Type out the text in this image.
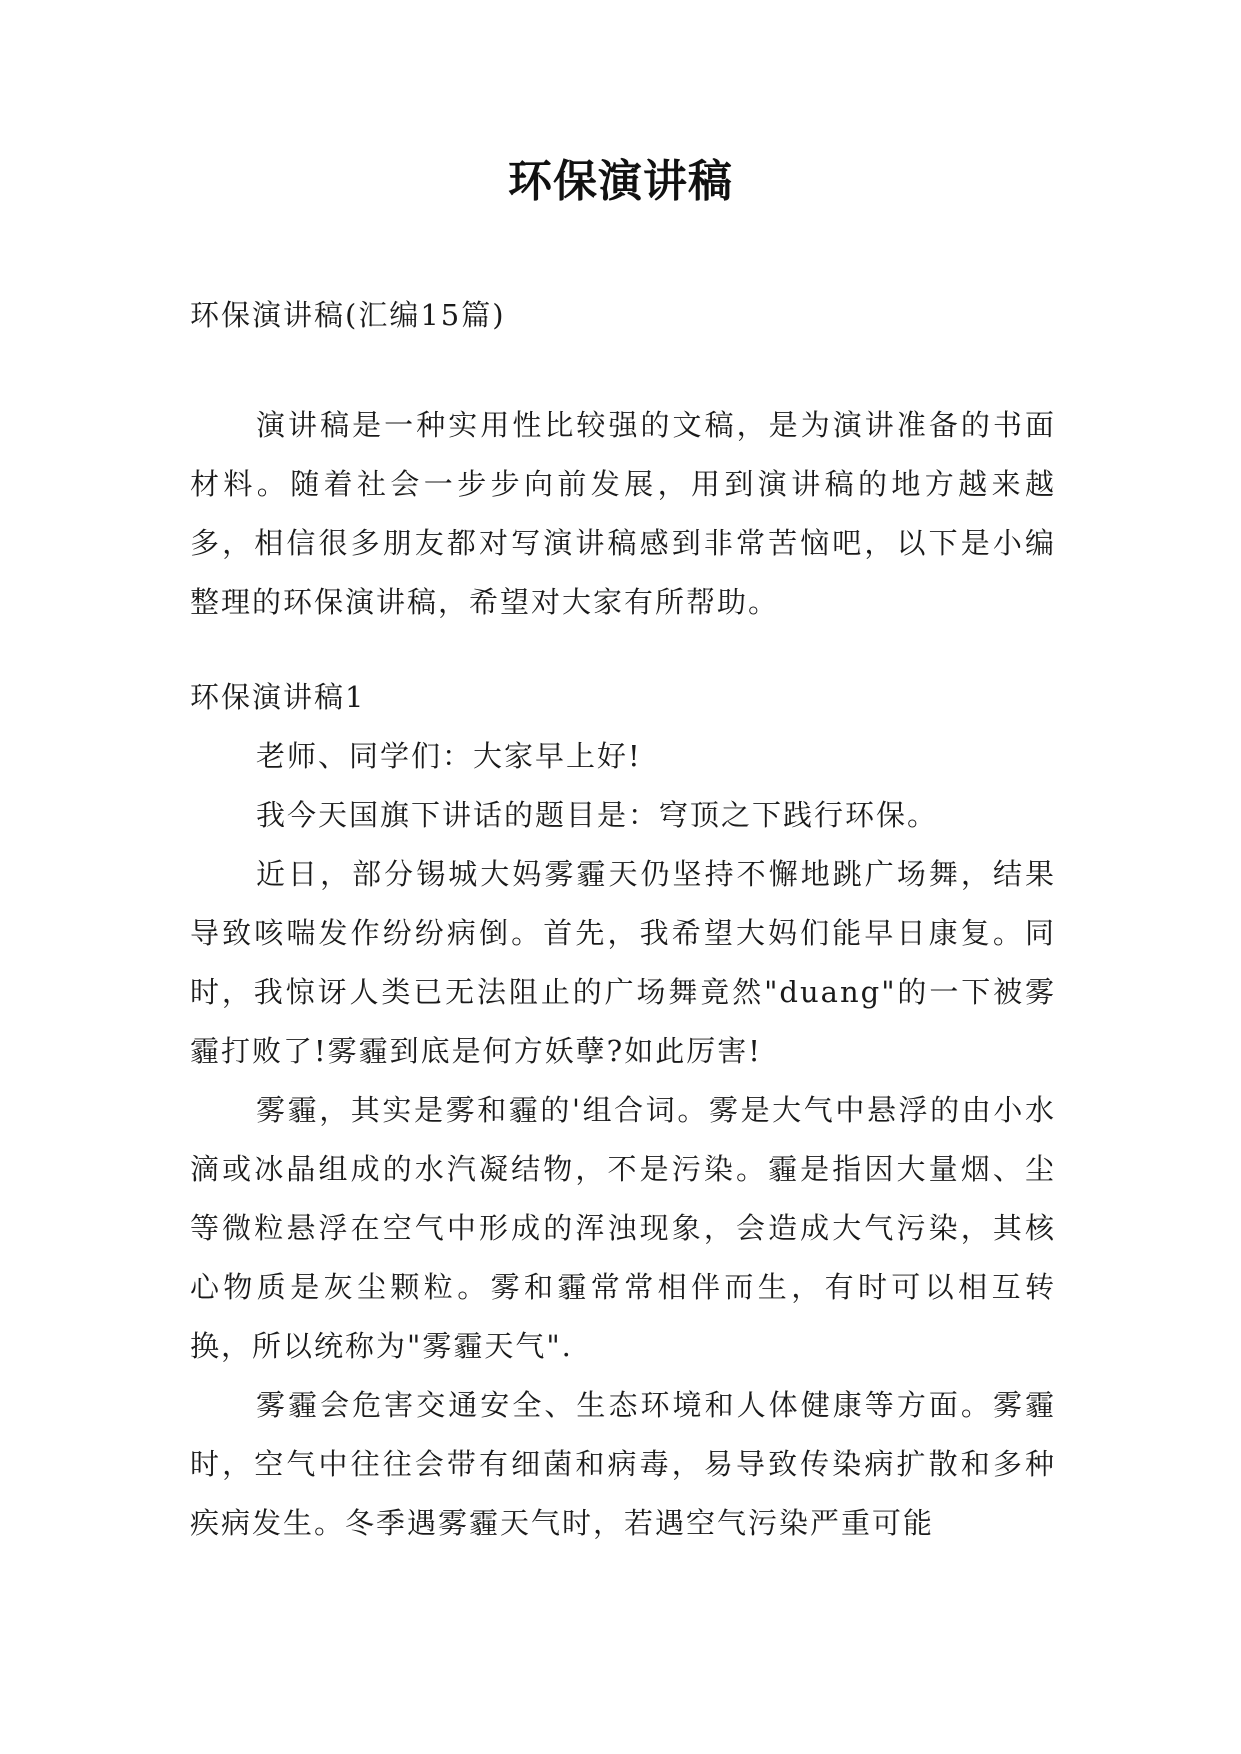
环保演讲稿

环保演讲稿(汇编15篇)

演讲稿是一种实用性比较强的文稿，是为演讲准备的书面材料。随着社会一步步向前发展，用到演讲稿的地方越来越多，相信很多朋友都对写演讲稿感到非常苦恼吧，以下是小编整理的环保演讲稿，希望对大家有所帮助。

环保演讲稿1

老师、同学们：大家早上好!

我今天国旗下讲话的题目是：穹顶之下践行环保。

近日，部分锡城大妈雾霾天仍坚持不懈地跳广场舞，结果导致咳喘发作纷纷病倒。首先，我希望大妈们能早日康复。同时，我惊讶人类已无法阻止的广场舞竟然"duang"的一下被雾霾打败了!雾霾到底是何方妖孽?如此厉害!

雾霾，其实是雾和霾的'组合词。雾是大气中悬浮的由小水滴或冰晶组成的水汽凝结物，不是污染。霾是指因大量烟、尘等微粒悬浮在空气中形成的浑浊现象，会造成大气污染，其核心物质是灰尘颗粒。雾和霾常常相伴而生，有时可以相互转换，所以统称为"雾霾天气".

雾霾会危害交通安全、生态环境和人体健康等方面。雾霾时，空气中往往会带有细菌和病毒，易导致传染病扩散和多种疾病发生。冬季遇雾霾天气时，若遇空气污染严重可能
